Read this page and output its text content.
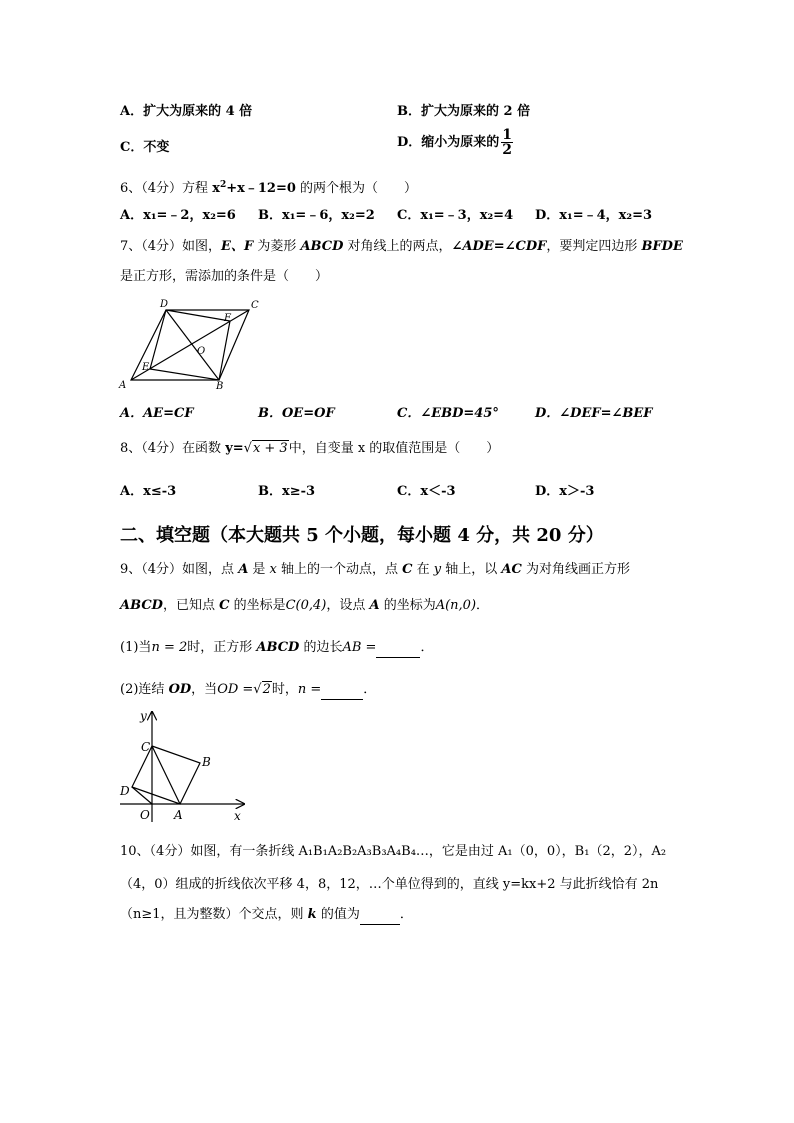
A．扩大为原来的 4 倍	B．扩大为原来的 2 倍
C．不变	D．缩小为原来的 $\frac{1}{2}$
6、（4分）方程 $x^2+x﹣12=0$ 的两个根为（　　）
A．x₁=﹣2，x₂=6 B．x₁=﹣6，x₂=2 C．x₁=﹣3，x₂=4 D．x₁=﹣4，x₂=3
7、（4分）如图，E、F 为菱形 ABCD 对角线上的两点，∠ADE=∠CDF，要判定四边形 BFDE
是正方形，需添加的条件是（　　）
D	C
F
O
E
A	B
A．AE=CF	B．OE=OF	C．∠EBD=45°	D．∠DEF=∠BEF
8、（4分）在函数 y=√x + 3中，自变量 x 的取值范围是（　　）
A．x≤-3	B．x≥-3	C．x＜-3	D．x＞-3
二、填空题（本大题共 5 个小题，每小题 4 分，共 20 分）
9、（4分）如图，点 A 是 x 轴上的一个动点，点 C 在 y 轴上，以 AC 为对角线画正方形
ABCD，已知点 C 的坐标是C(0,4)，设点 A 的坐标为A(n,0)．
(1)当n = 2时，正方形 ABCD 的边长AB =	．
(2)连结 OD，当OD =√2时，n =	．
y
C
B
D
O A	x
10、（4分）如图，有一条折线 A₁B₁A₂B₂A₃B₃A₄B₄…，它是由过 A₁（0，0），B₁（2，2），A₂
（4，0）组成的折线依次平移 4，8，12，…个单位得到的，直线 y=kx+2 与此折线恰有 2n
（n≥1，且为整数）个交点，则 k 的值为	．
